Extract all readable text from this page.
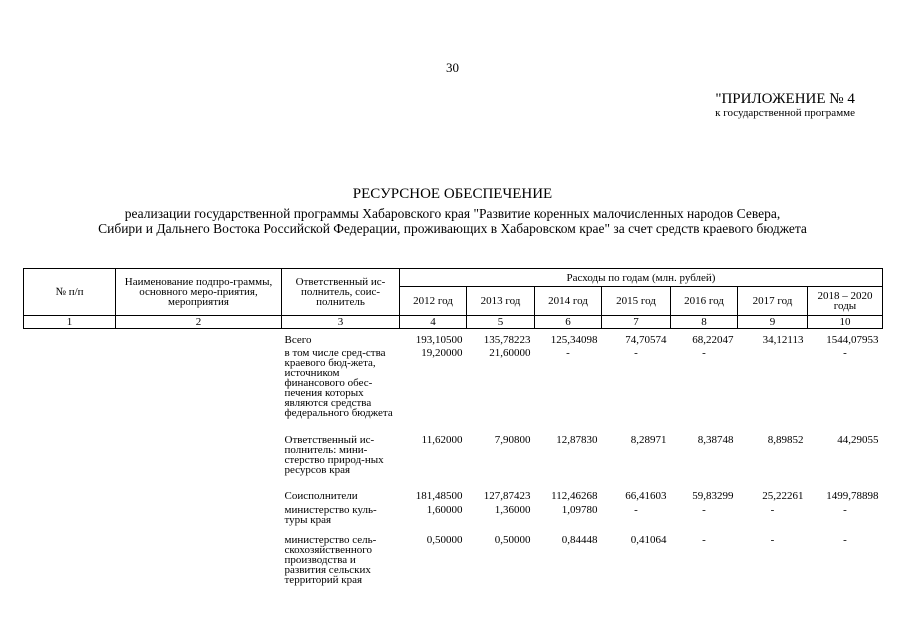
30
"ПРИЛОЖЕНИЕ № 4
к государственной программе
РЕСУРСНОЕ ОБЕСПЕЧЕНИЕ
реализации государственной программы Хабаровского края "Развитие коренных малочисленных народов Севера,
Сибири и Дальнего Востока Российской Федерации, проживающих в Хабаровском крае" за счет средств краевого бюджета
№ п/п	Наименование подпро-граммы, основного меро-приятия, мероприятия	Ответственный ис-полнитель, соис-полнитель	Расходы по годам (млн. рублей)						
			2012 год	2013 год	2014 год	2015 год	2016 год	2017 год	2018 – 2020 годы
1	2	3	4	5	6	7	8	9	10

		Всего	193,10500	135,78223	125,34098	74,70574	68,22047	34,12113	1544,07953
		в том числе сред-ства краевого бюд-жета, источником финансового обес-печения которых являются средства федерального бюджета	19,20000	21,60000	-	-	-		-
		Ответственный ис-полнитель: мини-стерство природ-ных ресурсов края	11,62000	7,90800	12,87830	8,28971	8,38748	8,89852	44,29055
		Соисполнители	181,48500	127,87423	112,46268	66,41603	59,83299	25,22261	1499,78898
		министерство куль-туры края	1,60000	1,36000	1,09780	-	-	-	-
		министерство сель-скохозяйственного производства и развития сельских территорий края	0,50000	0,50000	0,84448	0,41064	-	-	-
